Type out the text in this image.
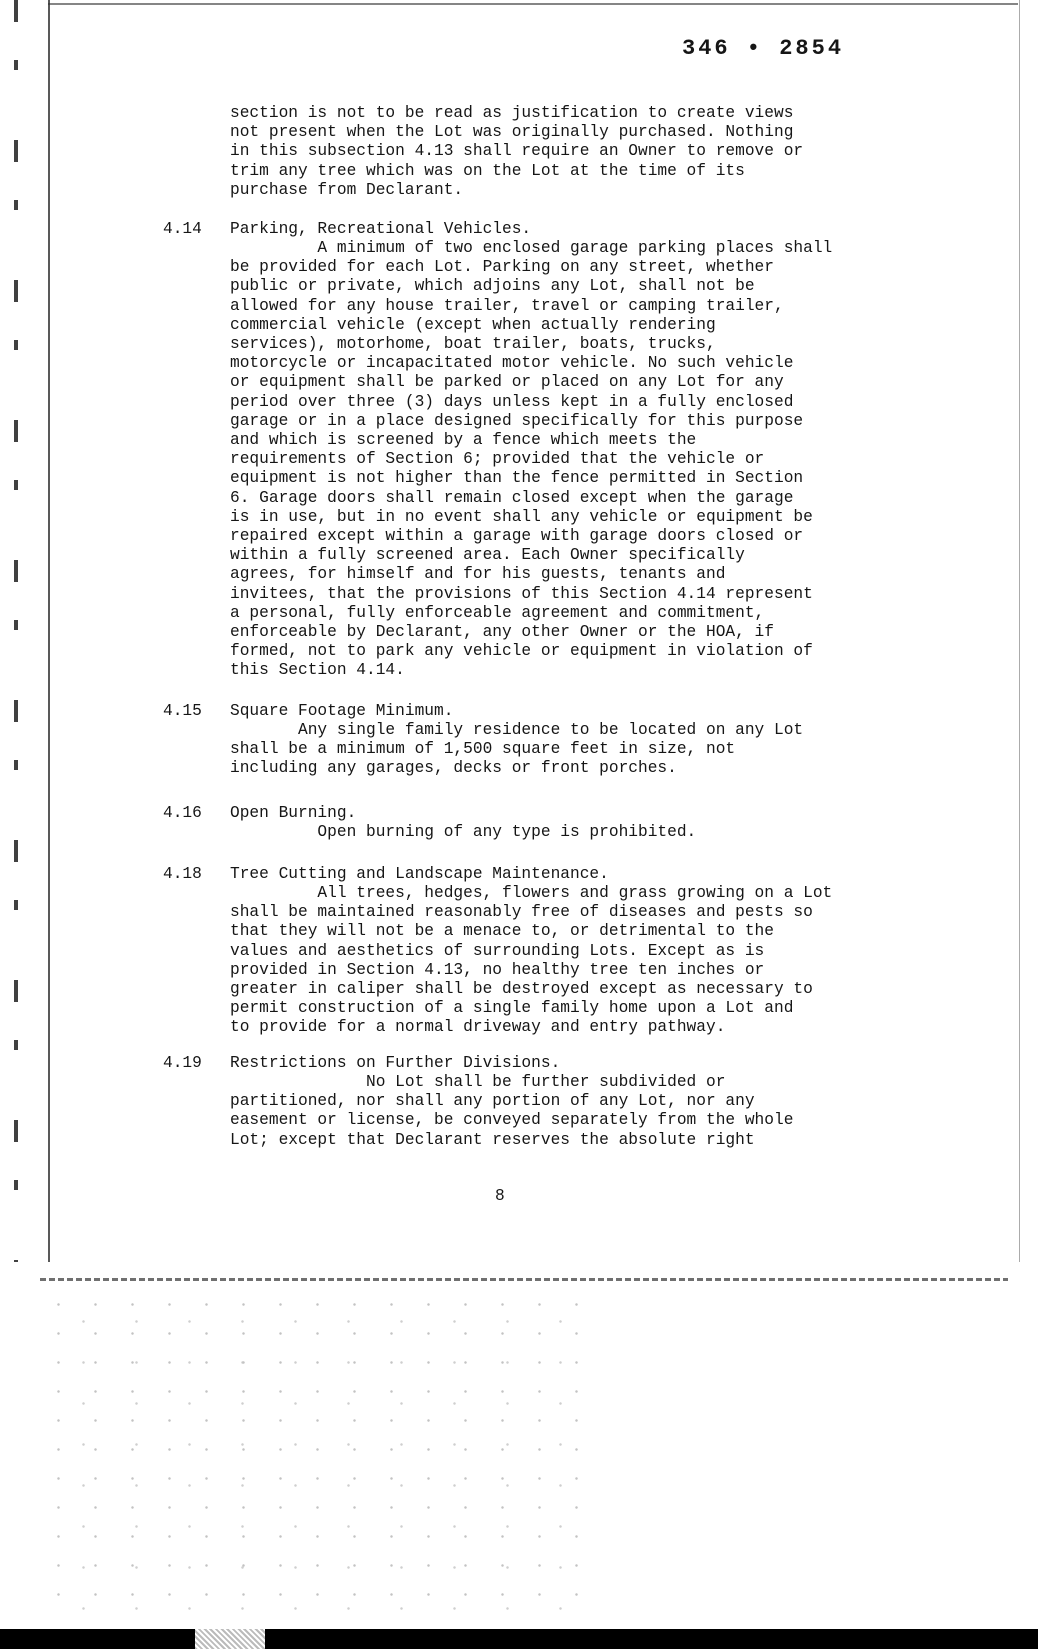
346 • 2854

section is not to be read as justification to create views
not present when the Lot was originally purchased. Nothing
in this subsection 4.13 shall require an Owner to remove or
trim any tree which was on the Lot at the time of its
purchase from Declarant.

4.14 Parking, Recreational Vehicles.

A minimum of two enclosed garage parking places shall
be provided for each Lot. Parking on any street, whether
public or private, which adjoins any Lot, shall not be
allowed for any house trailer, travel or camping trailer,
commercial vehicle (except when actually rendering
services), motorhome, boat trailer, boats, trucks,
motorcycle or incapacitated motor vehicle. No such vehicle
or equipment shall be parked or placed on any Lot for any
period over three (3) days unless kept in a fully enclosed
garage or in a place designed specifically for this purpose
and which is screened by a fence which meets the
requirements of Section 6; provided that the vehicle or
equipment is not higher than the fence permitted in Section
6. Garage doors shall remain closed except when the garage
is in use, but in no event shall any vehicle or equipment be
repaired except within a garage with garage doors closed or
within a fully screened area. Each Owner specifically
agrees, for himself and for his guests, tenants and
invitees, that the provisions of this Section 4.14 represent
a personal, fully enforceable agreement and commitment,
enforceable by Declarant, any other Owner or the HOA, if
formed, not to park any vehicle or equipment in violation of
this Section 4.14.

4.15 Square Footage Minimum.

Any single family residence to be located on any Lot
shall be a minimum of 1,500 square feet in size, not
including any garages, decks or front porches.

4.16 Open Burning.

Open burning of any type is prohibited.

4.18 Tree Cutting and Landscape Maintenance.

All trees, hedges, flowers and grass growing on a Lot
shall be maintained reasonably free of diseases and pests so
that they will not be a menace to, or detrimental to the
values and aesthetics of surrounding Lots. Except as is
provided in Section 4.13, no healthy tree ten inches or
greater in caliper shall be destroyed except as necessary to
permit construction of a single family home upon a Lot and
to provide for a normal driveway and entry pathway.

4.19 Restrictions on Further Divisions.

No Lot shall be further subdivided or
partitioned, nor shall any portion of any Lot, nor any
easement or license, be conveyed separately from the whole
Lot; except that Declarant reserves the absolute right

8
